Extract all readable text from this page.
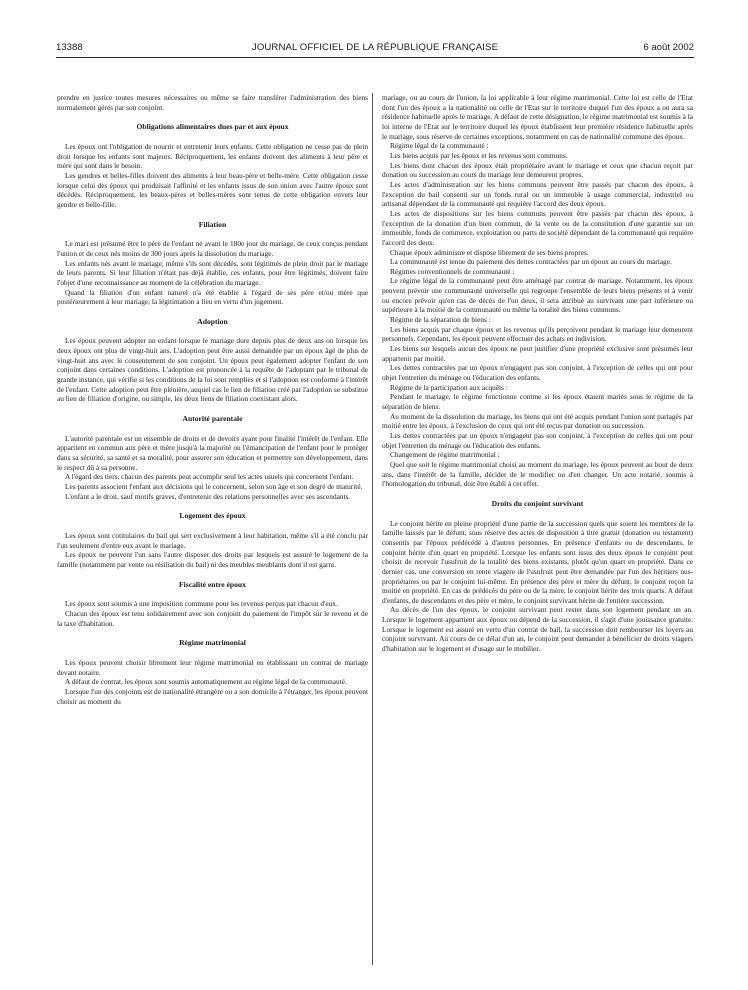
13388	JOURNAL OFFICIEL DE LA RÉPUBLIQUE FRANÇAISE	6 août 2002

prendre en justice toutes mesures nécessaires ou même se faire transférer l'administration des biens normalement gérés par son conjoint.

Obligations alimentaires dues par et aux époux

Les époux ont l'obligation de nourrir et entretenir leurs enfants. Cette obligation ne cesse pas de plein droit lorsque les enfants sont majeurs. Réciproquement, les enfants doivent des aliments à leur père et mère qui sont dans le besoin.

Les gendres et belles-filles doivent des aliments à leur beau-père et belle-mère. Cette obligation cesse lorsque celui des époux qui produisait l'affinité et les enfants issus de son union avec l'autre époux sont décédés. Réciproquement, les beaux-pères et belles-mères sont tenus de cette obligation envers leur gendre et belle-fille.

Filiation

Le mari est présumé être le père de l'enfant né avant le 180e jour du mariage, de ceux conçus pendant l'union et de ceux nés moins de 300 jours après la dissolution du mariage.

Les enfants nés avant le mariage, même s'ils sont décédés, sont légitimés de plein droit par le mariage de leurs parents. Si leur filiation n'était pas déjà établie, ces enfants, pour être légitimés, doivent faire l'objet d'une reconnaissance au moment de la célébration du mariage.

Quand la filiation d'un enfant naturel n'a été établie à l'égard de ses père et/ou mère que postérieurement à leur mariage, la légitimation a lieu en vertu d'un jugement.

Adoption

Les époux peuvent adopter un enfant lorsque le mariage dure depuis plus de deux ans ou lorsque les deux époux ont plus de vingt-huit ans. L'adoption peut être aussi demandée par un époux âgé de plus de vingt-huit ans avec le consentement de son conjoint. Un époux peut également adopter l'enfant de son conjoint dans certaines conditions. L'adoption est prononcée à la requête de l'adoptant par le tribunal de grande instance, qui vérifie si les conditions de la loi sont remplies et si l'adoption est conforme à l'intérêt de l'enfant. Cette adoption peut être plénière, auquel cas le lien de filiation créé par l'adoption se substitue au lien de filiation d'origine, ou simple, les deux liens de filiation coexistant alors.

Autorité parentale

L'autorité parentale est un ensemble de droits et de devoirs ayant pour finalité l'intérêt de l'enfant. Elle appartient en commun aux père et mère jusqu'à la majorité ou l'émancipation de l'enfant pour le protéger dans sa sécurité, sa santé et sa moralité, pour assurer son éducation et permettre son développement, dans le respect dû à sa personne.

A l'égard des tiers, chacun des parents peut accomplir seul les actes usuels qui concernent l'enfant.

Les parents associent l'enfant aux décisions qui le concernent, selon son âge et son degré de maturité.

L'enfant a le droit, sauf motifs graves, d'entretenir des relations personnelles avec ses ascendants.

Logement des époux

Les époux sont cotitulaires du bail qui sert exclusivement à leur habitation, même s'il a été conclu par l'un seulement d'entre eux avant le mariage.

Les époux ne peuvent l'un sans l'autre disposer des droits par lesquels est assuré le logement de la famille (notamment par vente ou résiliation du bail) ni des meubles meublants dont il est garni.

Fiscalité entre époux

Les époux sont soumis à une imposition commune pour les revenus perçus par chacun d'eux.

Chacun des époux est tenu solidairement avec son conjoint du paiement de l'impôt sur le revenu et de la taxe d'habitation.

Régime matrimonial

Les époux peuvent choisir librement leur régime matrimonial en établissant un contrat de mariage devant notaire.

A défaut de contrat, les époux sont soumis automatiquement au régime légal de la communauté.

Lorsque l'un des conjoints est de nationalité étrangère ou a son domicile à l'étranger, les époux peuvent choisir au moment du

mariage, ou au cours de l'union, la loi applicable à leur régime matrimonial. Cette loi est celle de l'Etat dont l'un des époux a la nationalité ou celle de l'Etat sur le territoire duquel l'un des époux a ou aura sa résidence habituelle après le mariage. A défaut de cette désignation, le régime matrimonial est soumis à la loi interne de l'Etat sur le territoire duquel les époux établissent leur première résidence habituelle après le mariage, sous réserve de certaines exceptions, notamment en cas de nationalité commune des époux.

Régime légal de la communauté :

Les biens acquis par les époux et les revenus sont communs.

Les biens dont chacun des époux était propriétaire avant le mariage et ceux que chacun reçoit par donation ou succession au cours du mariage leur demeurent propres.

Les actes d'administration sur les biens communs peuvent être passés par chacun des époux, à l'exception du bail consenti sur un fonds rural ou un immeuble à usage commercial, industriel ou artisanal dépendant de la communauté qui requière l'accord des deux époux.

Les actes de dispositions sur les biens communs peuvent être passés par chacun des époux, à l'exception de la donation d'un bien commun, de la vente ou de la constitution d'une garantie sur un immeuble, fonds de commerce, exploitation ou parts de société dépendant de la communauté qui requière l'accord des deux.

Chaque époux administre et dispose librement de ses biens propres.

La communauté est tenue du paiement des dettes contractées par un époux au cours du mariage.

Régimes conventionnels de communauté :

Le régime légal de la communauté peut être aménagé par contrat de mariage. Notamment, les époux peuvent prévoir une communauté universelle qui regroupe l'ensemble de leurs biens présents et à venir ou encore prévoir qu'en cas de décès de l'un deux, il sera attribué au survivant une part inférieure ou supérieure à la moitié de la communauté ou même la totalité des biens communs.

Régime de la séparation de biens :

Les biens acquis par chaque époux et les revenus qu'ils perçoivent pendant le mariage leur demeurent personnels. Cependant, les époux peuvent effectuer des achats en indivision.

Les biens sur lesquels aucun des époux ne peut justifier d'une propriété exclusive sont présumés leur appartenir par moitié.

Les dettes contractées par un époux n'engagent pas son conjoint, à l'exception de celles qui ont pour objet l'entretien du ménage ou l'éducation des enfants.

Régime de la participation aux acquêts :

Pendant le mariage, le régime fonctionne comme si les époux étaient mariés sous le régime de la séparation de biens.

Au moment de la dissolution du mariage, les biens qui ont été acquis pendant l'union sont partagés par moitié entre les époux, à l'exclusion de ceux qui ont été reçus par donation ou succession.

Les dettes contractées par un époux n'engagent pas son conjoint, à l'exception de celles qui ont pour objet l'entretien du ménage ou l'éducation des enfants.

Changement de régime matrimonial :

Quel que soit le régime matrimonial choisi au moment du mariage, les époux peuvent au bout de deux ans, dans l'intérêt de la famille, décider de le modifier ou d'en changer. Un acte notarié, soumis à l'homologation du tribunal, doit être établi à cet effet.

Droits du conjoint survivant

Le conjoint hérite en pleine propriété d'une partie de la succession quels que soient les membres de la famille laissés par le défunt, sous réserve des actes de disposition à titre gratuit (donation ou testament) consentis par l'époux prédécédé à d'autres personnes. En présence d'enfants ou de descendants, le conjoint hérite d'un quart en propriété. Lorsque les enfants sont issus des deux époux le conjoint peut choisir de recevoir l'usufruit de la totalité des biens existants, plutôt qu'un quart en propriété. Dans ce dernier cas, une conversion en rente viagère de l'usufruit peut être demandée par l'un des héritiers nus-propriétaires ou par le conjoint lui-même. En présence des père et mère du défunt, le conjoint reçoit la moitié en propriété. En cas de prédécès du père ou de la mère, le conjoint hérite des trois quarts. A défaut d'enfants, de descendants et des père et mère, le conjoint survivant hérite de l'entière succession.

Au décès de l'un des époux, le conjoint survivant peut rester dans son logement pendant un an. Lorsque le logement appartient aux époux ou dépend de la succession, il s'agit d'une jouissance gratuite. Lorsque le logement est assuré en vertu d'un contrat de bail, la succession doit rembourser les loyers au conjoint survivant. Au cours de ce délai d'un an, le conjoint peut demander à bénéficier de droits viagers d'habitation sur le logement et d'usage sur le mobilier.
